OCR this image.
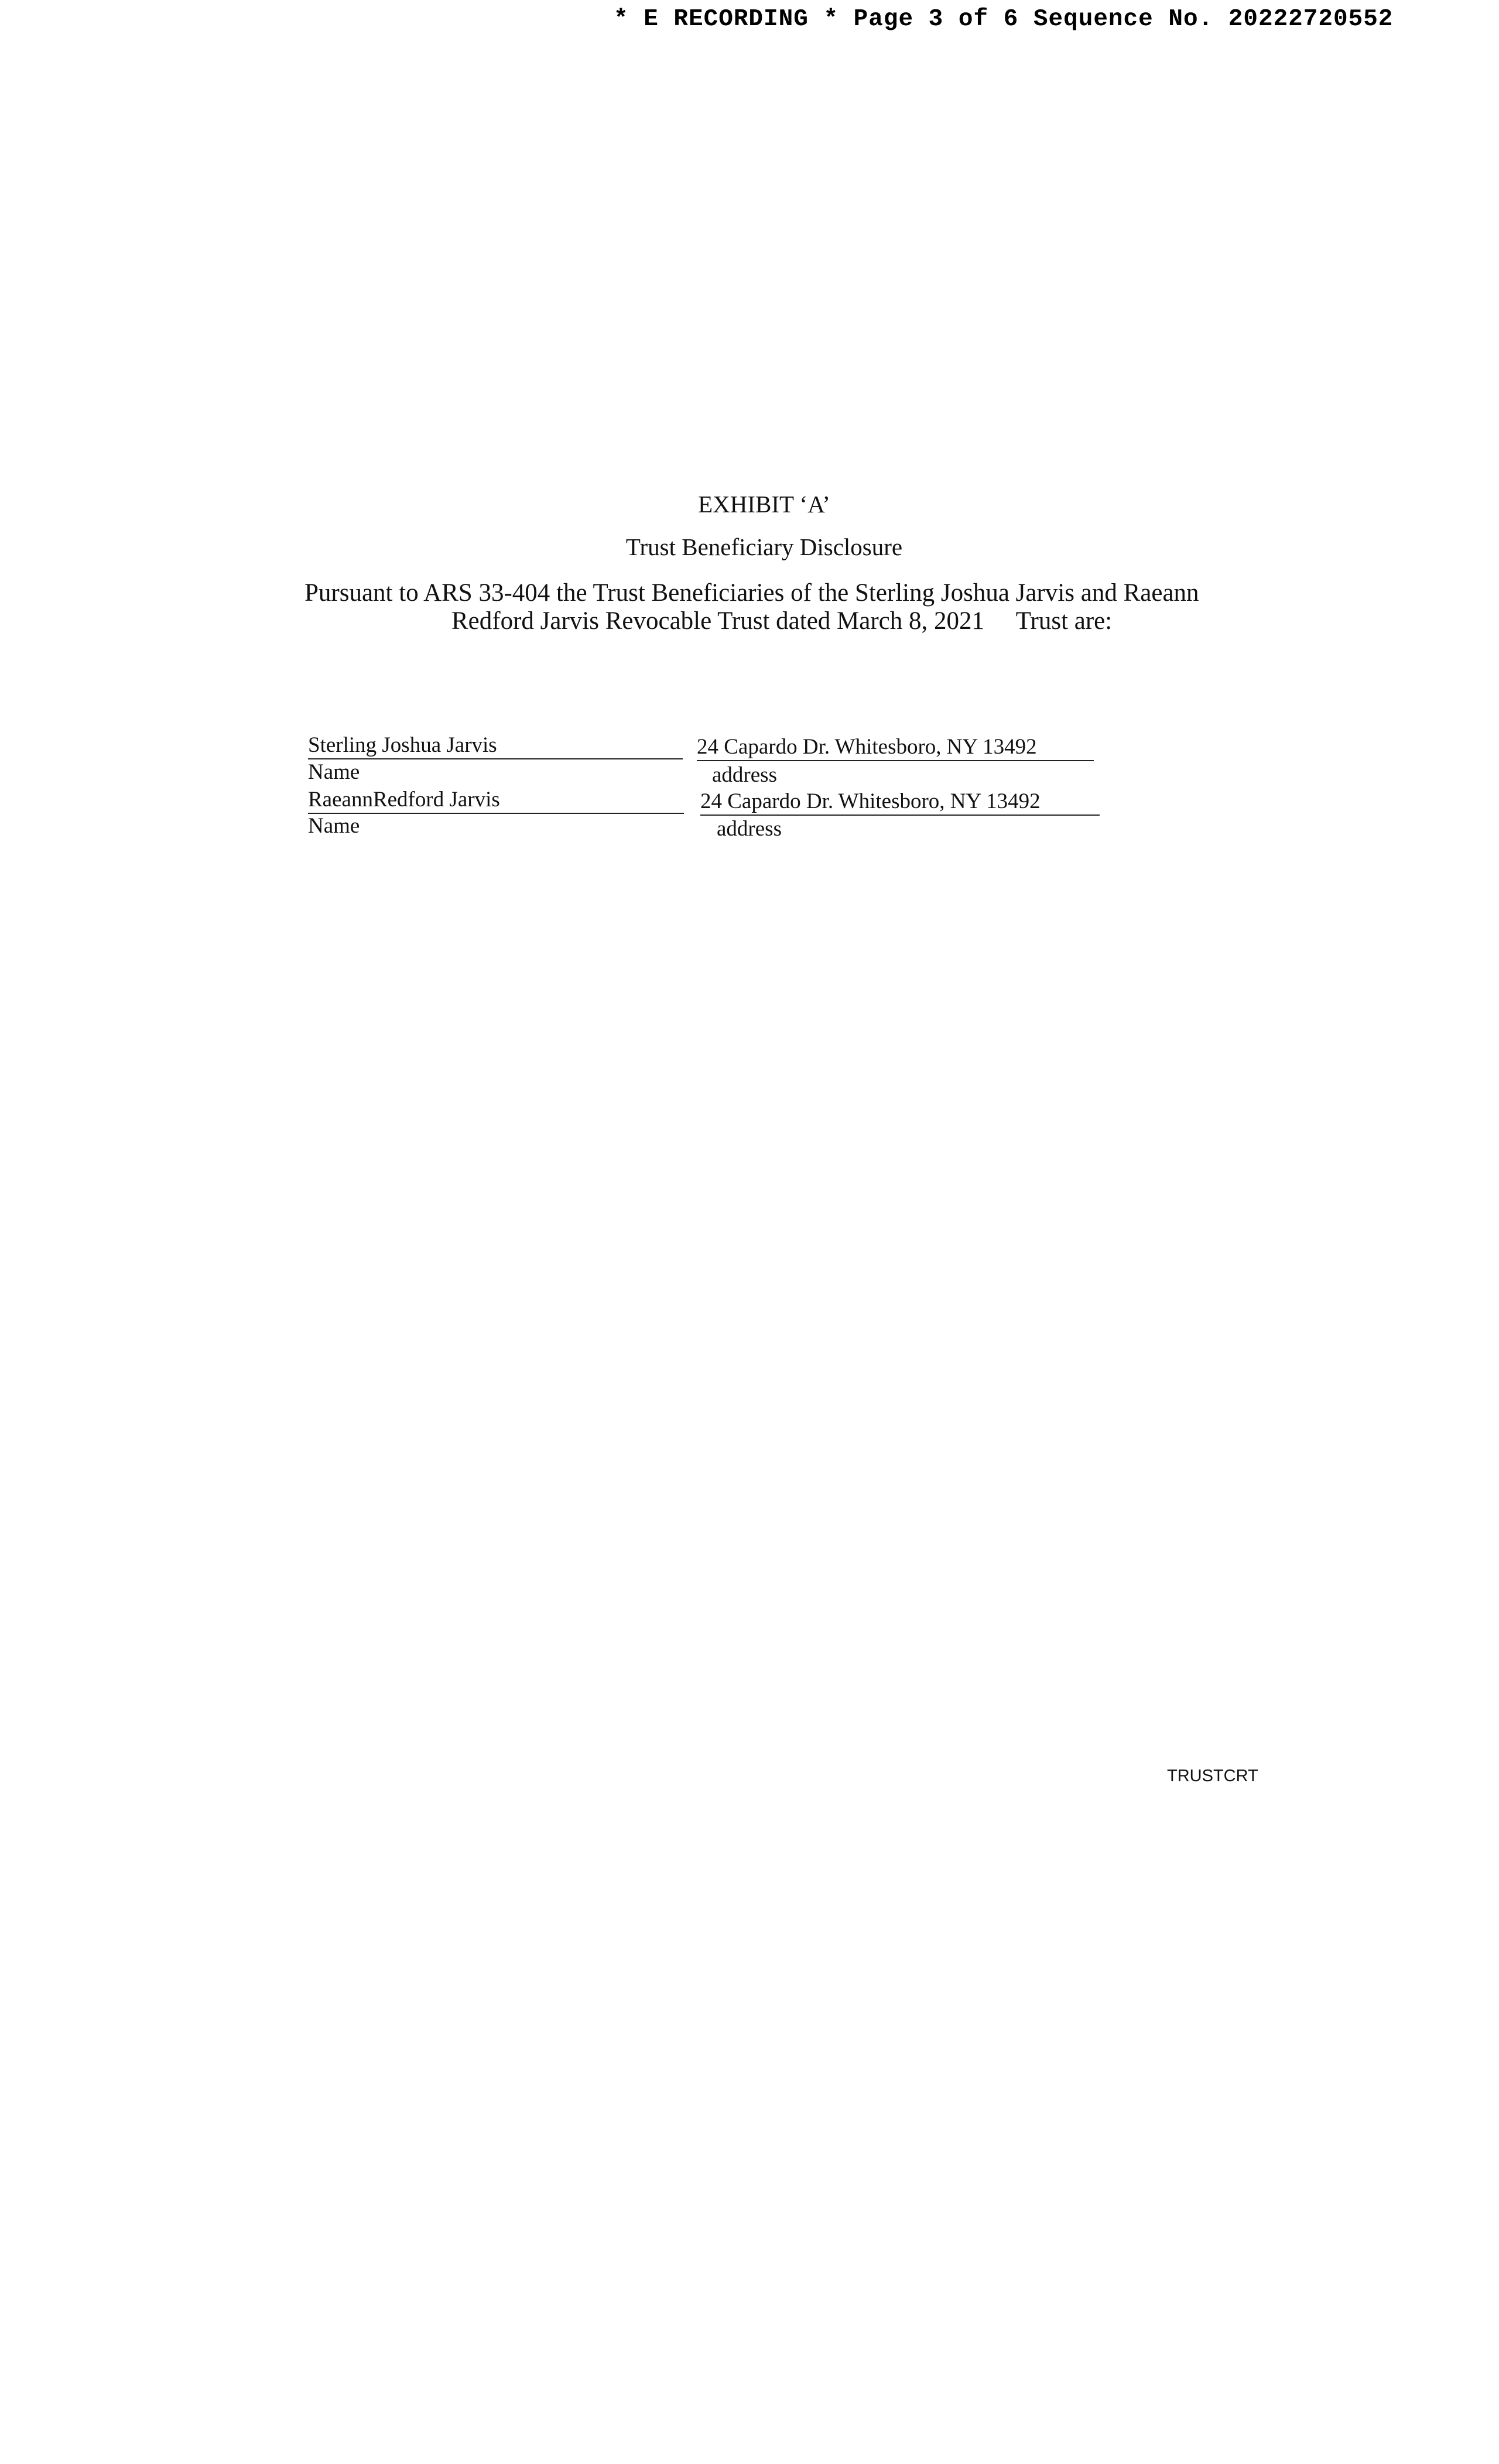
* E RECORDING * Page 3 of 6 Sequence No. 20222720552
EXHIBIT ‘A’
Trust Beneficiary Disclosure
Pursuant to ARS 33-404 the Trust Beneficiaries of the Sterling Joshua Jarvis and Raeann
Redford Jarvis Revocable Trust dated March 8, 2021     Trust are:
Sterling Joshua Jarvis	24 Capardo Dr. Whitesboro, NY 13492
Name	address
RaeannRedford Jarvis	24 Capardo Dr. Whitesboro, NY 13492
Name	address
TRUSTCRT
